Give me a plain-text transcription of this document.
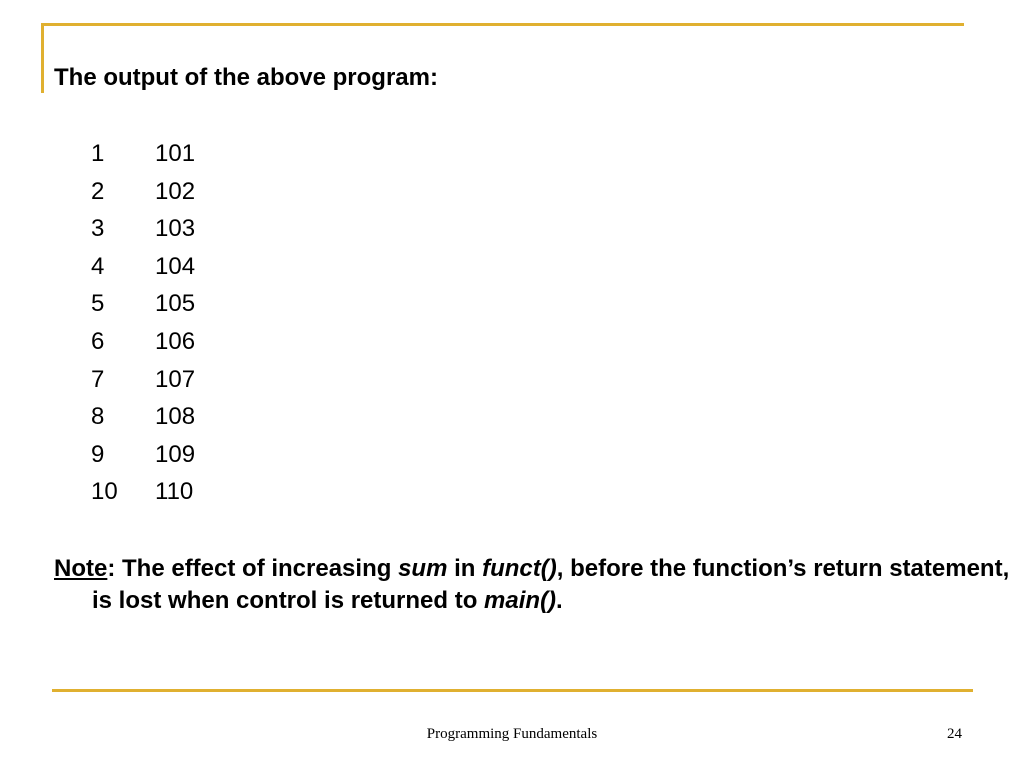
The output of the above program:
1 101
2 102
3 103
4 104
5 105
6 106
7 107
8 108
9 109
10 110
Note: The effect of increasing sum in funct(), before the function’s return statement, is lost when control is returned to main().
Programming Fundamentals	24
